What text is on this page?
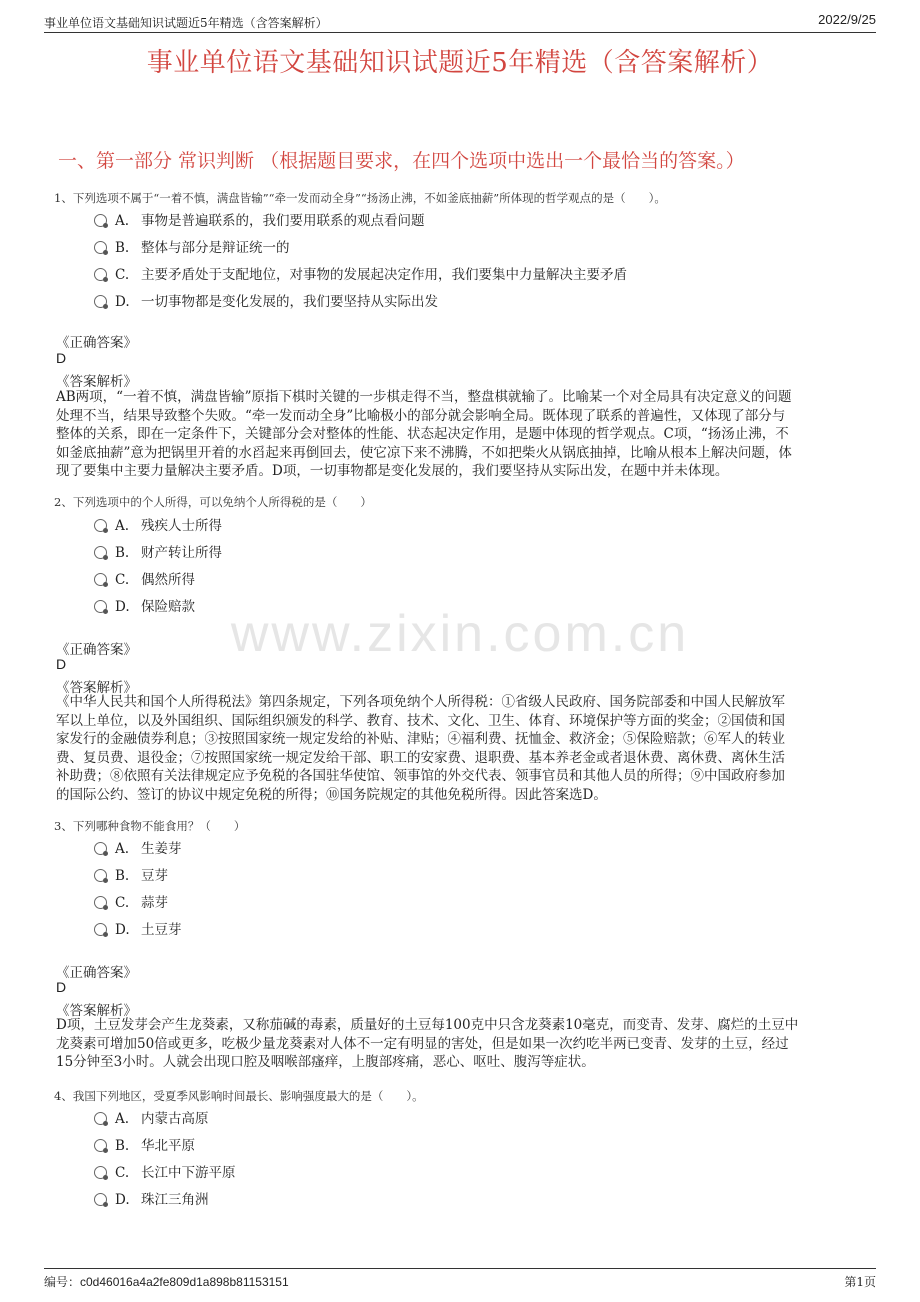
事业单位语文基础知识试题近5年精选（含答案解析）	2022/9/25
事业单位语文基础知识试题近5年精选（含答案解析）
一、第一部分 常识判断 （根据题目要求，在四个选项中选出一个最恰当的答案。）
www.zixin.com.cn
1、下列选项不属于“一着不慎，满盘皆输”“牵一发而动全身”“扬汤止沸，不如釜底抽薪”所体现的哲学观点的是（　　）。
A. 事物是普遍联系的，我们要用联系的观点看问题
B. 整体与部分是辩证统一的
C. 主要矛盾处于支配地位，对事物的发展起决定作用，我们要集中力量解决主要矛盾
D. 一切事物都是变化发展的，我们要坚持从实际出发
《正确答案》
D
《答案解析》
AB两项，“一着不慎，满盘皆输”原指下棋时关键的一步棋走得不当，整盘棋就输了。比喻某一个对全局具有决定意义的问题
处理不当，结果导致整个失败。“牵一发而动全身”比喻极小的部分就会影响全局。既体现了联系的普遍性，又体现了部分与
整体的关系，即在一定条件下，关键部分会对整体的性能、状态起决定作用，是题中体现的哲学观点。C项，“扬汤止沸，不
如釜底抽薪”意为把锅里开着的水舀起来再倒回去，使它凉下来不沸腾，不如把柴火从锅底抽掉，比喻从根本上解决问题，体
现了要集中主要力量解决主要矛盾。D项，一切事物都是变化发展的，我们要坚持从实际出发，在题中并未体现。
2、下列选项中的个人所得，可以免纳个人所得税的是（　　）
A. 残疾人士所得
B. 财产转让所得
C. 偶然所得
D. 保险赔款
《正确答案》
D
《答案解析》
《中华人民共和国个人所得税法》第四条规定，下列各项免纳个人所得税：①省级人民政府、国务院部委和中国人民解放军
军以上单位，以及外国组织、国际组织颁发的科学、教育、技术、文化、卫生、体育、环境保护等方面的奖金；②国债和国
家发行的金融债券利息；③按照国家统一规定发给的补贴、津贴；④福利费、抚恤金、救济金；⑤保险赔款；⑥军人的转业
费、复员费、退役金；⑦按照国家统一规定发给干部、职工的安家费、退职费、基本养老金或者退休费、离休费、离休生活
补助费；⑧依照有关法律规定应予免税的各国驻华使馆、领事馆的外交代表、领事官员和其他人员的所得；⑨中国政府参加
的国际公约、签订的协议中规定免税的所得；⑩国务院规定的其他免税所得。因此答案选D。
3、下列哪种食物不能食用？（　　）
A. 生姜芽
B. 豆芽
C. 蒜芽
D. 土豆芽
《正确答案》
D
《答案解析》
D项，土豆发芽会产生龙葵素，又称茄碱的毒素，质量好的土豆每100克中只含龙葵素10毫克，而变青、发芽、腐烂的土豆中
龙葵素可增加50倍或更多，吃极少量龙葵素对人体不一定有明显的害处，但是如果一次约吃半两已变青、发芽的土豆，经过
15分钟至3小时。人就会出现口腔及咽喉部瘙痒，上腹部疼痛，恶心、呕吐、腹泻等症状。
4、我国下列地区，受夏季风影响时间最长、影响强度最大的是（　　）。
A. 内蒙古高原
B. 华北平原
C. 长江中下游平原
D. 珠江三角洲
编号：c0d46016a4a2fe809d1a898b81153151	第1页
